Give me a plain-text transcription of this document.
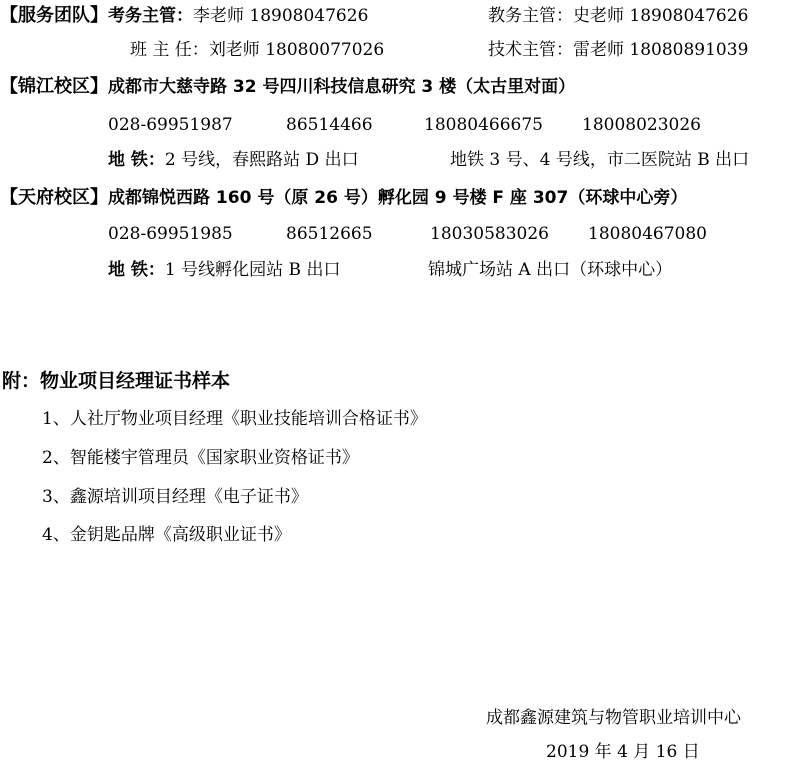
【服务团队】考务主管：李老师 18908047626	教务主管：史老师 18908047626
班 主 任：刘老师 18080077026	技术主管：雷老师 18080891039
【锦江校区】成都市大慈寺路 32 号四川科技信息研究 3 楼（太古里对面）
028-69951987	86514466	18080466675 18008023026
地 铁：2 号线，春熙路站 D 出口	地铁 3 号、4 号线，市二医院站 B 出口
【天府校区】成都锦悦西路 160 号（原 26 号）孵化园 9 号楼 F 座 307（环球中心旁）
028-69951985	86512665	18030583026 18080467080
地 铁：1 号线孵化园站 B 出口	锦城广场站 A 出口（环球中心）
附：物业项目经理证书样本
1、人社厅物业项目经理《职业技能培训合格证书》
2、智能楼宇管理员《国家职业资格证书》
3、鑫源培训项目经理《电子证书》
4、金钥匙品牌《高级职业证书》
成都鑫源建筑与物管职业培训中心
2019 年 4 月 16 日
